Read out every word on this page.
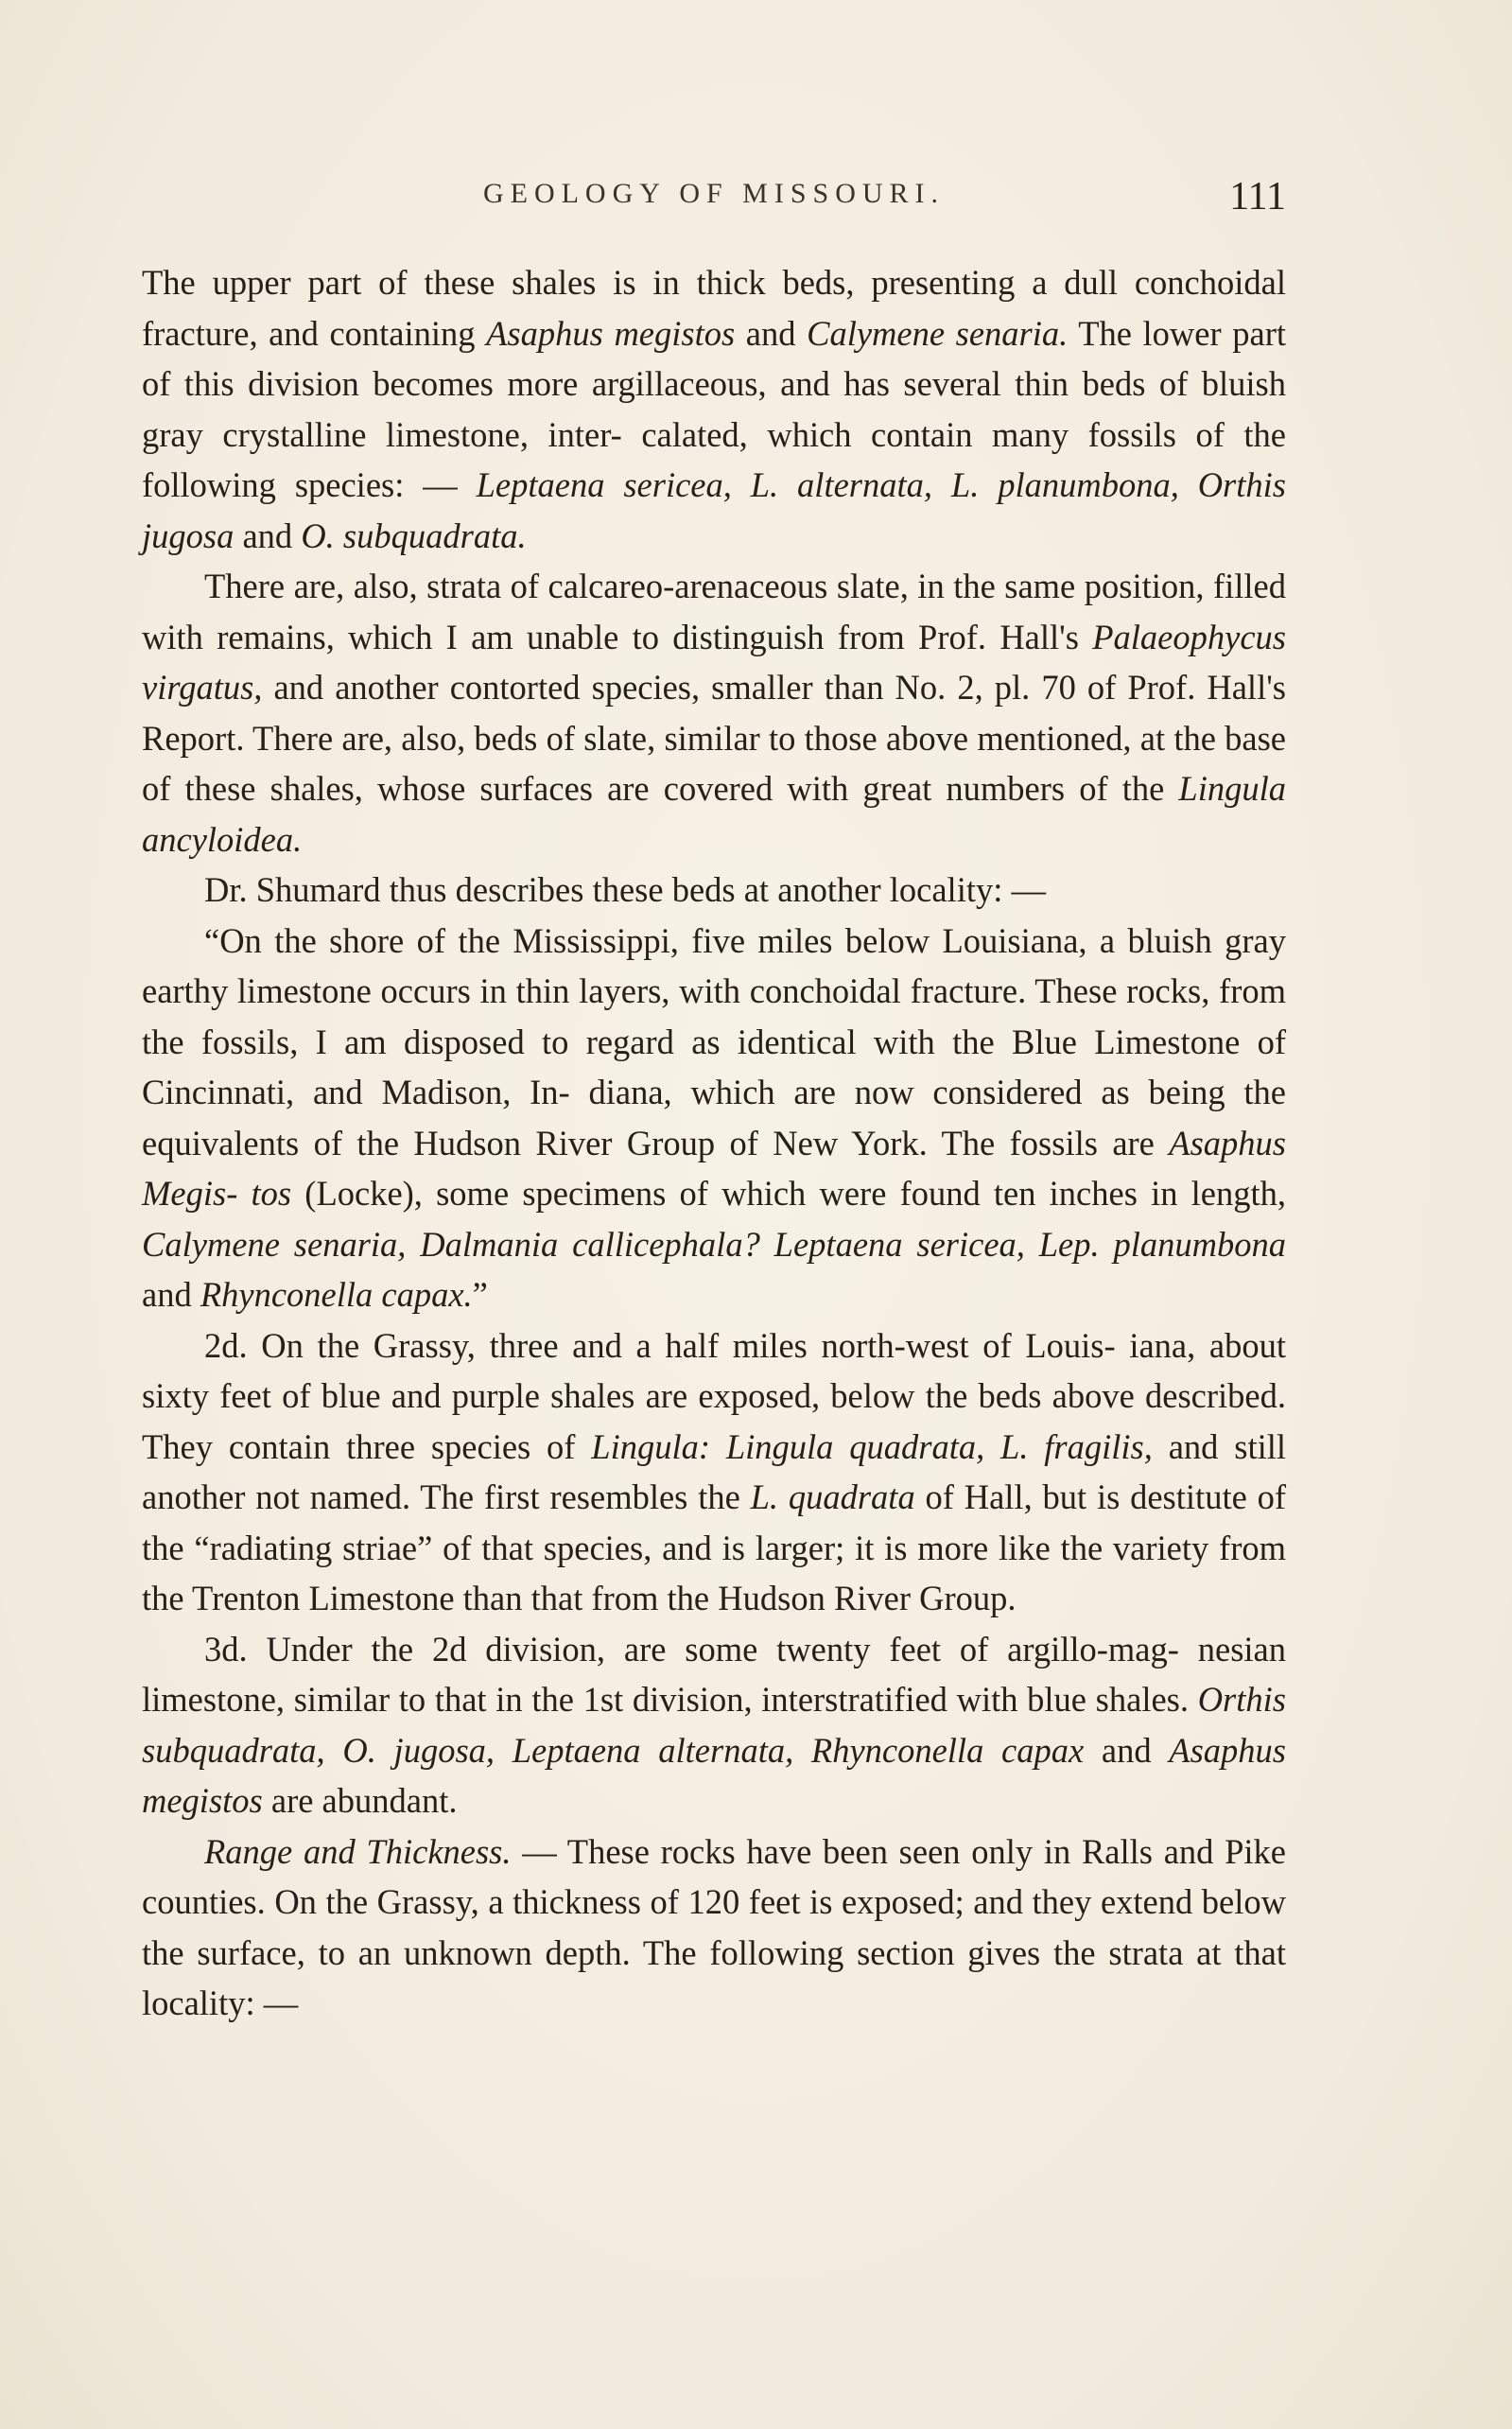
GEOLOGY OF MISSOURI.	111

The upper part of these shales is in thick beds, presenting a dull conchoidal fracture, and containing Asaphus megistos and Calymene senaria. The lower part of this division becomes more argillaceous, and has several thin beds of bluish gray crystalline limestone, inter- calated, which contain many fossils of the following species: — Leptaena sericea, L. alternata, L. planumbona, Orthis jugosa and O. subquadrata.

There are, also, strata of calcareo-arenaceous slate, in the same position, filled with remains, which I am unable to distinguish from Prof. Hall's Palaeophycus virgatus, and another contorted species, smaller than No. 2, pl. 70 of Prof. Hall's Report. There are, also, beds of slate, similar to those above mentioned, at the base of these shales, whose surfaces are covered with great numbers of the Lingula ancyloidea.

Dr. Shumard thus describes these beds at another locality: —

“On the shore of the Mississippi, five miles below Louisiana, a bluish gray earthy limestone occurs in thin layers, with conchoidal fracture. These rocks, from the fossils, I am disposed to regard as identical with the Blue Limestone of Cincinnati, and Madison, In- diana, which are now considered as being the equivalents of the Hudson River Group of New York. The fossils are Asaphus Megis- tos (Locke), some specimens of which were found ten inches in length, Calymene senaria, Dalmania callicephala? Leptaena sericea, Lep. planumbona and Rhynconella capax.”

2d. On the Grassy, three and a half miles north-west of Louis- iana, about sixty feet of blue and purple shales are exposed, below the beds above described. They contain three species of Lingula: Lingula quadrata, L. fragilis, and still another not named. The first resembles the L. quadrata of Hall, but is destitute of the “radiating striae” of that species, and is larger; it is more like the variety from the Trenton Limestone than that from the Hudson River Group.

3d. Under the 2d division, are some twenty feet of argillo-mag- nesian limestone, similar to that in the 1st division, interstratified with blue shales. Orthis subquadrata, O. jugosa, Leptaena alternata, Rhynconella capax and Asaphus megistos are abundant.

Range and Thickness. — These rocks have been seen only in Ralls and Pike counties. On the Grassy, a thickness of 120 feet is exposed; and they extend below the surface, to an unknown depth. The following section gives the strata at that locality: —
